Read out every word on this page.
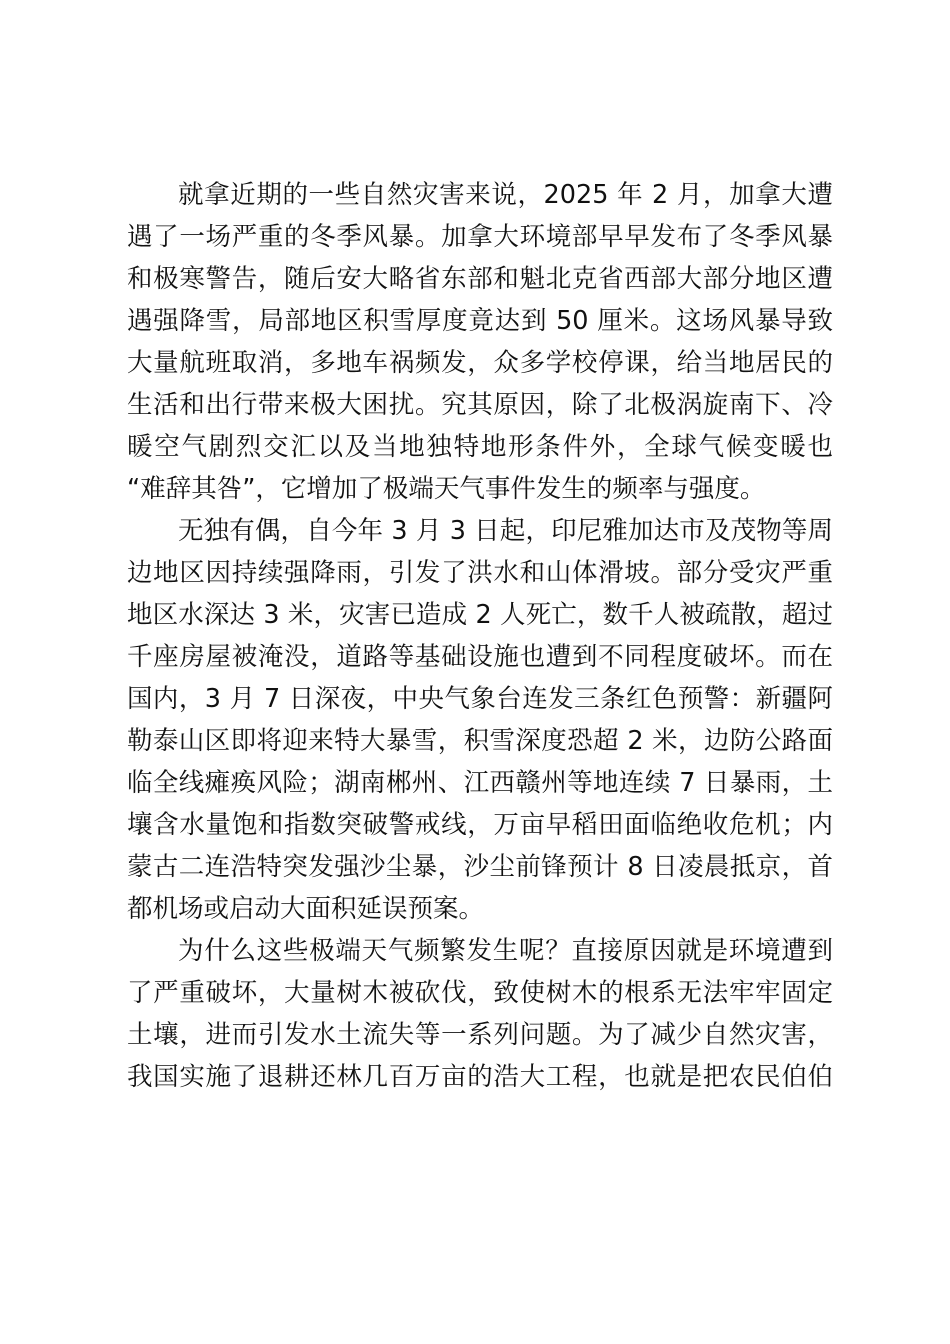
就拿近期的一些自然灾害来说，2025 年 2 月，加拿大遭
遇了一场严重的冬季风暴。加拿大环境部早早发布了冬季风暴
和极寒警告，随后安大略省东部和魁北克省西部大部分地区遭
遇强降雪，局部地区积雪厚度竟达到 50 厘米。这场风暴导致
大量航班取消，多地车祸频发，众多学校停课，给当地居民的
生活和出行带来极大困扰。究其原因，除了北极涡旋南下、冷
暖空气剧烈交汇以及当地独特地形条件外，全球气候变暖也
“难辞其咎”，它增加了极端天气事件发生的频率与强度。
无独有偶，自今年 3 月 3 日起，印尼雅加达市及茂物等周
边地区因持续强降雨，引发了洪水和山体滑坡。部分受灾严重
地区水深达 3 米，灾害已造成 2 人死亡，数千人被疏散，超过
千座房屋被淹没，道路等基础设施也遭到不同程度破坏。而在
国内，3 月 7 日深夜，中央气象台连发三条红色预警：新疆阿
勒泰山区即将迎来特大暴雪，积雪深度恐超 2 米，边防公路面
临全线瘫痪风险；湖南郴州、江西赣州等地连续 7 日暴雨，土
壤含水量饱和指数突破警戒线，万亩早稻田面临绝收危机；内
蒙古二连浩特突发强沙尘暴，沙尘前锋预计 8 日凌晨抵京，首
都机场或启动大面积延误预案。
为什么这些极端天气频繁发生呢？直接原因就是环境遭到
了严重破坏，大量树木被砍伐，致使树木的根系无法牢牢固定
土壤，进而引发水土流失等一系列问题。为了减少自然灾害，
我国实施了退耕还林几百万亩的浩大工程，也就是把农民伯伯
